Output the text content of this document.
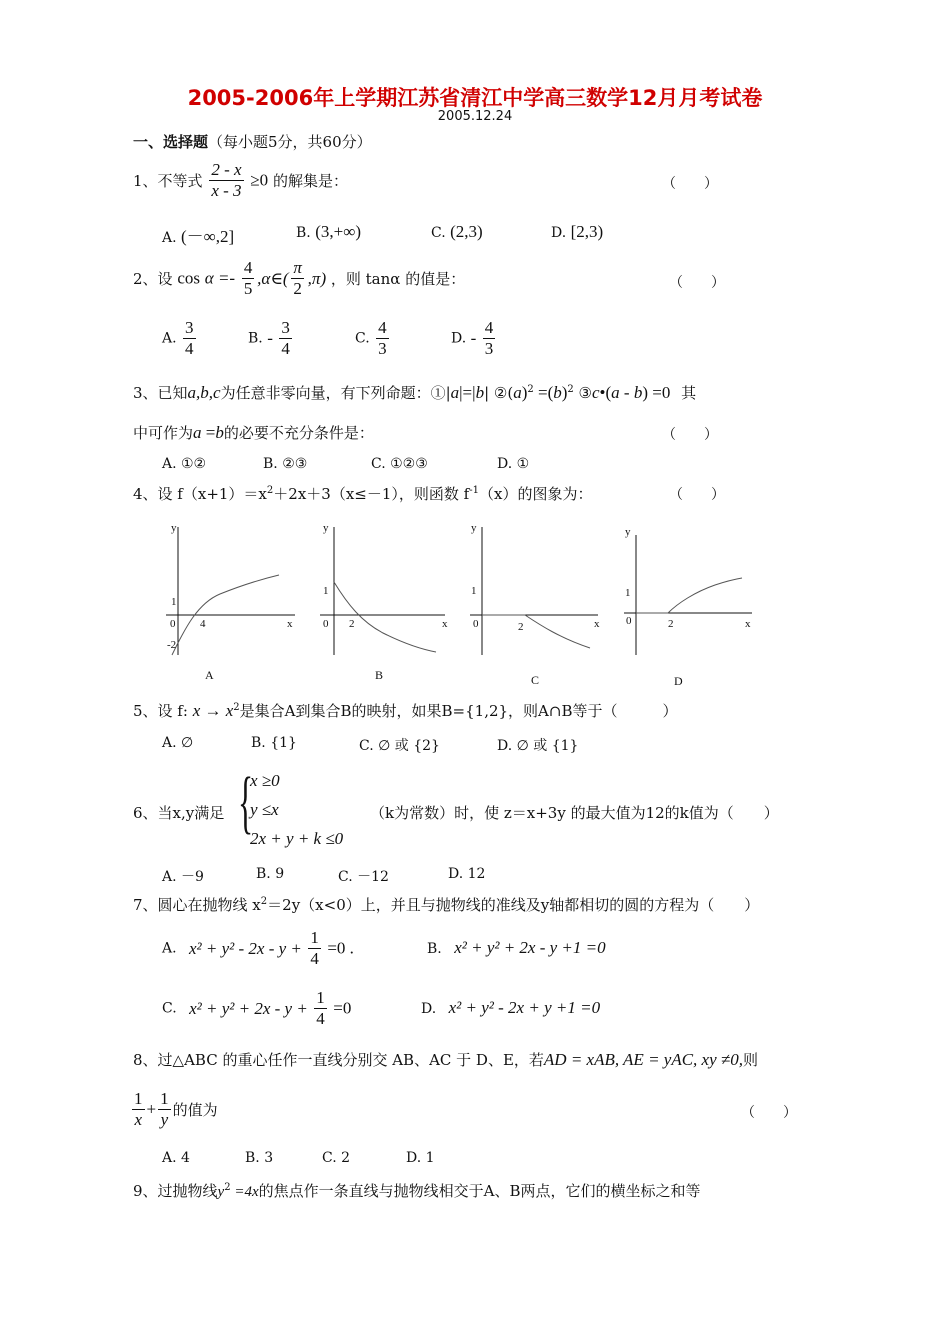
2005-2006年上学期江苏省清江中学高三数学12月月考试卷
2005.12.24
一、选择题（每小题5分，共60分）
1、不等式 $\frac{2 - x}{x - 3} \ge 0$ 的解集是：	（　　）
A. (－∞,2]	B. (3,+∞)	C. (2,3)	D. [2,3)
2、设 $\cos \alpha =- \frac{4}{5}$ ,α∈( $\frac{\pi}{2} ,\pi$) ，则 tanα 的值是：	（　　）
A. $\frac{3}{4}$	B. - $\frac{3}{4}$	C. $\frac{4}{3}$	D. - $\frac{4}{3}$
3、已知a,b,c为任意非零向量，有下列命题：①|a|=|b| $②(a)^2 =(b)^2$ ③c•(a - b) =0 其
中可作为a =b的必要不充分条件是：	（　　）
A. ①②	B. ②③	C. ①②③	D. ①
4、设 $f(x+1)=x^2+2x+3(x\le-1)$，则函数 $f^{-1}(x)$的图象为：	（　　）
y
1
0 4	x
-2
A
y
1
0 2	x
B
y
1
0	2	x
C
y
1
0	2	x
D
5、设 f: $x \to x^2$是集合A到集合B的映射，如果B={1,2}，则A∩B等于（　　　）
A. ∅	B. {1}	C. ∅ 或 {2}	D. ∅ 或 {1}
6、当x,y满足 {
x ≥0
y ≤x
2x + y + k ≤0
（k为常数）时，使 z＝x+3y 的最大值为12的k值为（　　）
A. －9	B. 9	C. －12	D. 12
7、圆心在抛物线 $x^2=2y(x<0)$上，并且与抛物线的准线及y轴都相切的圆的方程为（　　）
A. $x^2 + y^2 - 2x - y + \frac{1}{4} =0$ .	B. x² + y² + 2x - y +1 =0
C. $x^2 + y^2 + 2x - y + \frac{1}{4} =0$	D. x² + y² - 2x + y +1 =0
8、过△ABC 的重心任作一直线分别交 AB、AC 于 D、E，若AD = xAB, AE = yAC, xy ≠0,则
$\frac{1}{x} + \frac{1}{y}$ 的值为	（　　）
A. 4	B. 3	C. 2	D. 1
9、过抛物线$y^2 =4x$的焦点作一条直线与抛物线相交于A、B两点，它们的横坐标之和等
